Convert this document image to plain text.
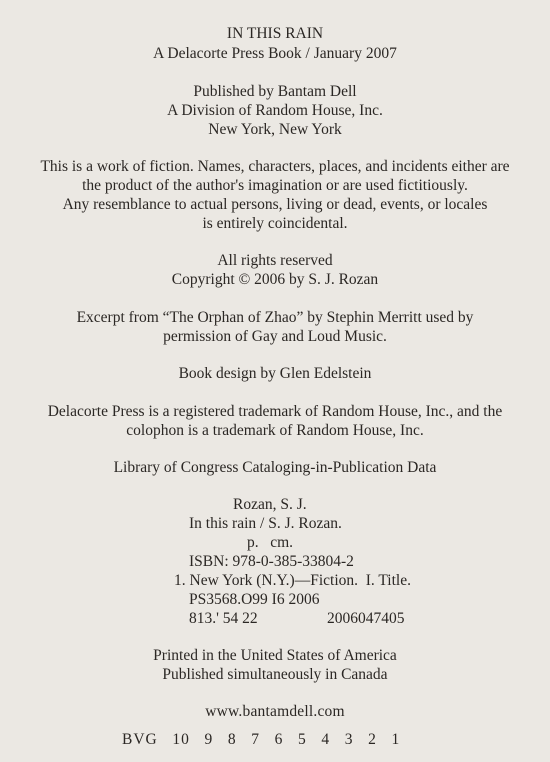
IN THIS RAIN
A Delacorte Press Book / January 2007
Published by Bantam Dell
A Division of Random House, Inc.
New York, New York
This is a work of fiction. Names, characters, places, and incidents either are
the product of the author's imagination or are used fictitiously.
Any resemblance to actual persons, living or dead, events, or locales
is entirely coincidental.
All rights reserved
Copyright © 2006 by S. J. Rozan
Excerpt from “The Orphan of Zhao” by Stephin Merritt used by
permission of Gay and Loud Music.
Book design by Glen Edelstein
Delacorte Press is a registered trademark of Random House, Inc., and the
colophon is a trademark of Random House, Inc.
Library of Congress Cataloging-in-Publication Data
Rozan, S. J.
In this rain / S. J. Rozan.
p.   cm.
ISBN: 978-0-385-33804-2
1. New York (N.Y.)—Fiction.  I. Title.
PS3568.O99 I6 2006
813.' 54 22	2006047405
Printed in the United States of America
Published simultaneously in Canada
www.bantamdell.com
BVG   10   9   8   7   6   5   4   3   2   1
